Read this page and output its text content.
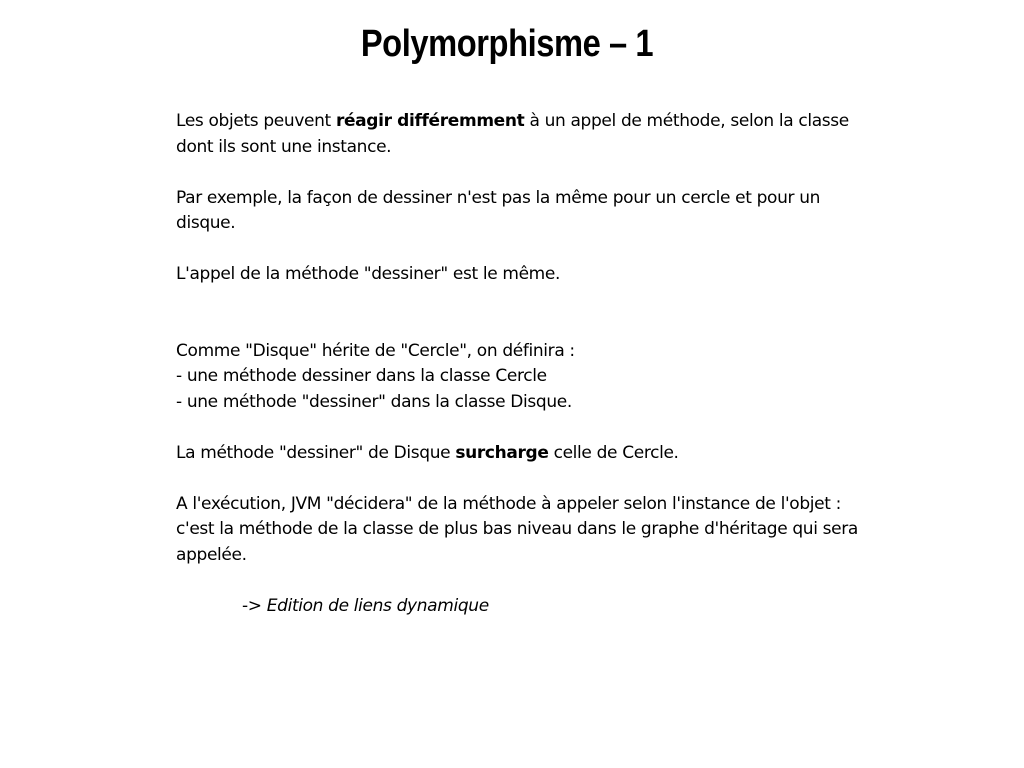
Polymorphisme – 1
Les objets peuvent réagir différemment à un appel de méthode, selon la classe
dont ils sont une instance.
Par exemple, la façon de dessiner n'est pas la même pour un cercle et pour un
disque.
L'appel de la méthode "dessiner" est le même.
Comme "Disque" hérite de "Cercle", on définira :
- une méthode dessiner dans la classe Cercle
- une méthode "dessiner" dans la classe Disque.
La méthode "dessiner" de Disque surcharge celle de Cercle.
A l'exécution, JVM "décidera" de la méthode à appeler selon l'instance de l'objet :
c'est la méthode de la classe de plus bas niveau dans le graphe d'héritage qui sera
appelée.
-> Edition de liens dynamique
